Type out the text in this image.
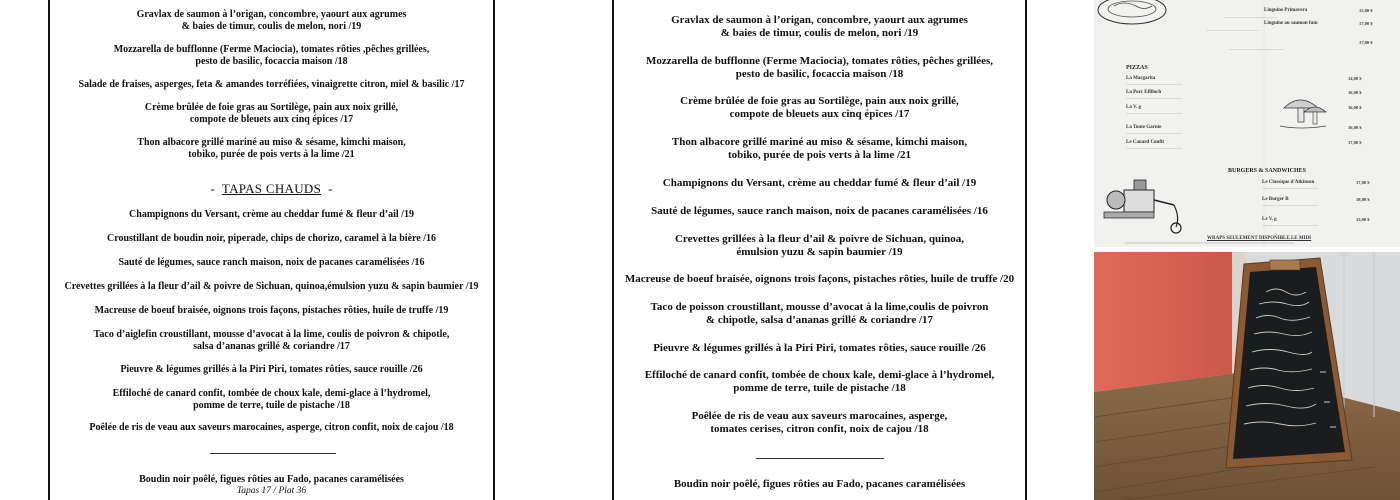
Gravlax de saumon à l’origan, concombre, yaourt aux agrumes
& baies de timur, coulis de melon, nori /19
Mozzarella de bufflonne (Ferme Maciocia), tomates rôties ,pêches grillées,
pesto de basilic, focaccia maison /18
Salade de fraises, asperges, feta & amandes torréfiées, vinaigrette citron, miel & basilic /17
Crème brûlée de foie gras au Sortilège, pain aux noix grillé,
compote de bleuets aux cinq épices /17
Thon albacore grillé mariné au miso & sésame, kimchi maison,
tobiko, purée de pois verts à la lime /21
- TAPAS CHAUDS -
Champignons du Versant, crème au cheddar fumé & fleur d’ail /19
Croustillant de boudin noir, piperade, chips de chorizo, caramel à la bière /16
Sauté de légumes, sauce ranch maison, noix de pacanes caramélisées /16
Crevettes grillées à la fleur d’ail & poivre de Sichuan, quinoa,émulsion yuzu & sapin baumier /19
Macreuse de boeuf braisée, oignons trois façons, pistaches rôties, huile de truffe /19
Taco d’aiglefin croustillant, mousse d’avocat à la lime, coulis de poivron & chipotle,
salsa d’ananas grillé & coriandre /17
Pieuvre & légumes grillés à la Piri Piri, tomates rôties, sauce rouille /26
Effiloché de canard confit, tombée de choux kale, demi-glace à l’hydromel,
pomme de terre, tuile de pistache /18
Poêlée de ris de veau aux saveurs marocaines, asperge, citron confit, noix de cajou /18
Boudin noir poêlé, figues rôties au Fado, pacanes caramélisées
Tapas 17 / Plat 36
Gravlax de saumon à l’origan, concombre, yaourt aux agrumes
& baies de timur, coulis de melon, nori /19
Mozzarella de bufflonne (Ferme Maciocia), tomates rôties, pêches grillées,
pesto de basilic, focaccia maison /18
Crème brûlée de foie gras au Sortilège, pain aux noix grillé,
compote de bleuets aux cinq épices /17
Thon albacore grillé mariné au miso & sésame, kimchi maison,
tobiko, purée de pois verts à la lime /21
Champignons du Versant, crème au cheddar fumé & fleur d’ail /19
Sauté de légumes, sauce ranch maison, noix de pacanes caramélisées /16
Crevettes grillées à la fleur d’ail & poivre de Sichuan, quinoa,
émulsion yuzu & sapin baumier /19
Macreuse de boeuf braisée, oignons trois façons, pistaches rôties, huile de truffe /20
Taco de poisson croustillant, mousse d’avocat à la lime,coulis de poivron
& chipotle, salsa d’ananas grillé & coriandre /17
Pieuvre & légumes grillés à la Piri Piri, tomates rôties, sauce rouille /26
Effiloché de canard confit, tombée de choux kale, demi-glace à l’hydromel,
pomme de terre, tuile de pistache /18
Poêlée de ris de veau aux saveurs marocaines, asperge,
tomates cerises, citron confit, noix de cajou /18
Boudin noir poêlé, figues rôties au Fado, pacanes caramélisées
Linguine Primavera	15,00 $
............................................................
Linguine au saumon fum	17,00 $
............................................................
17,00 $
...............................................................
PIZZAS
La Margarita	14,00 $
................................................................
La Porc Effiloch	16,00 $
................................................................
La V. g	16,00 $
................................................................
La Toute Garnie	16,00 $
................................................................
Le Canard Confit	17,00 $
................................................................
BURGERS & SANDWICHES
Le Classique d'Atkinson	17,00 $
................................................................
Le Burger B	18,00 $
................................................................
Le V. g	15,00 $
................................................................
WRAPS SEULEMENT DISPONIBLE LE MIDI
